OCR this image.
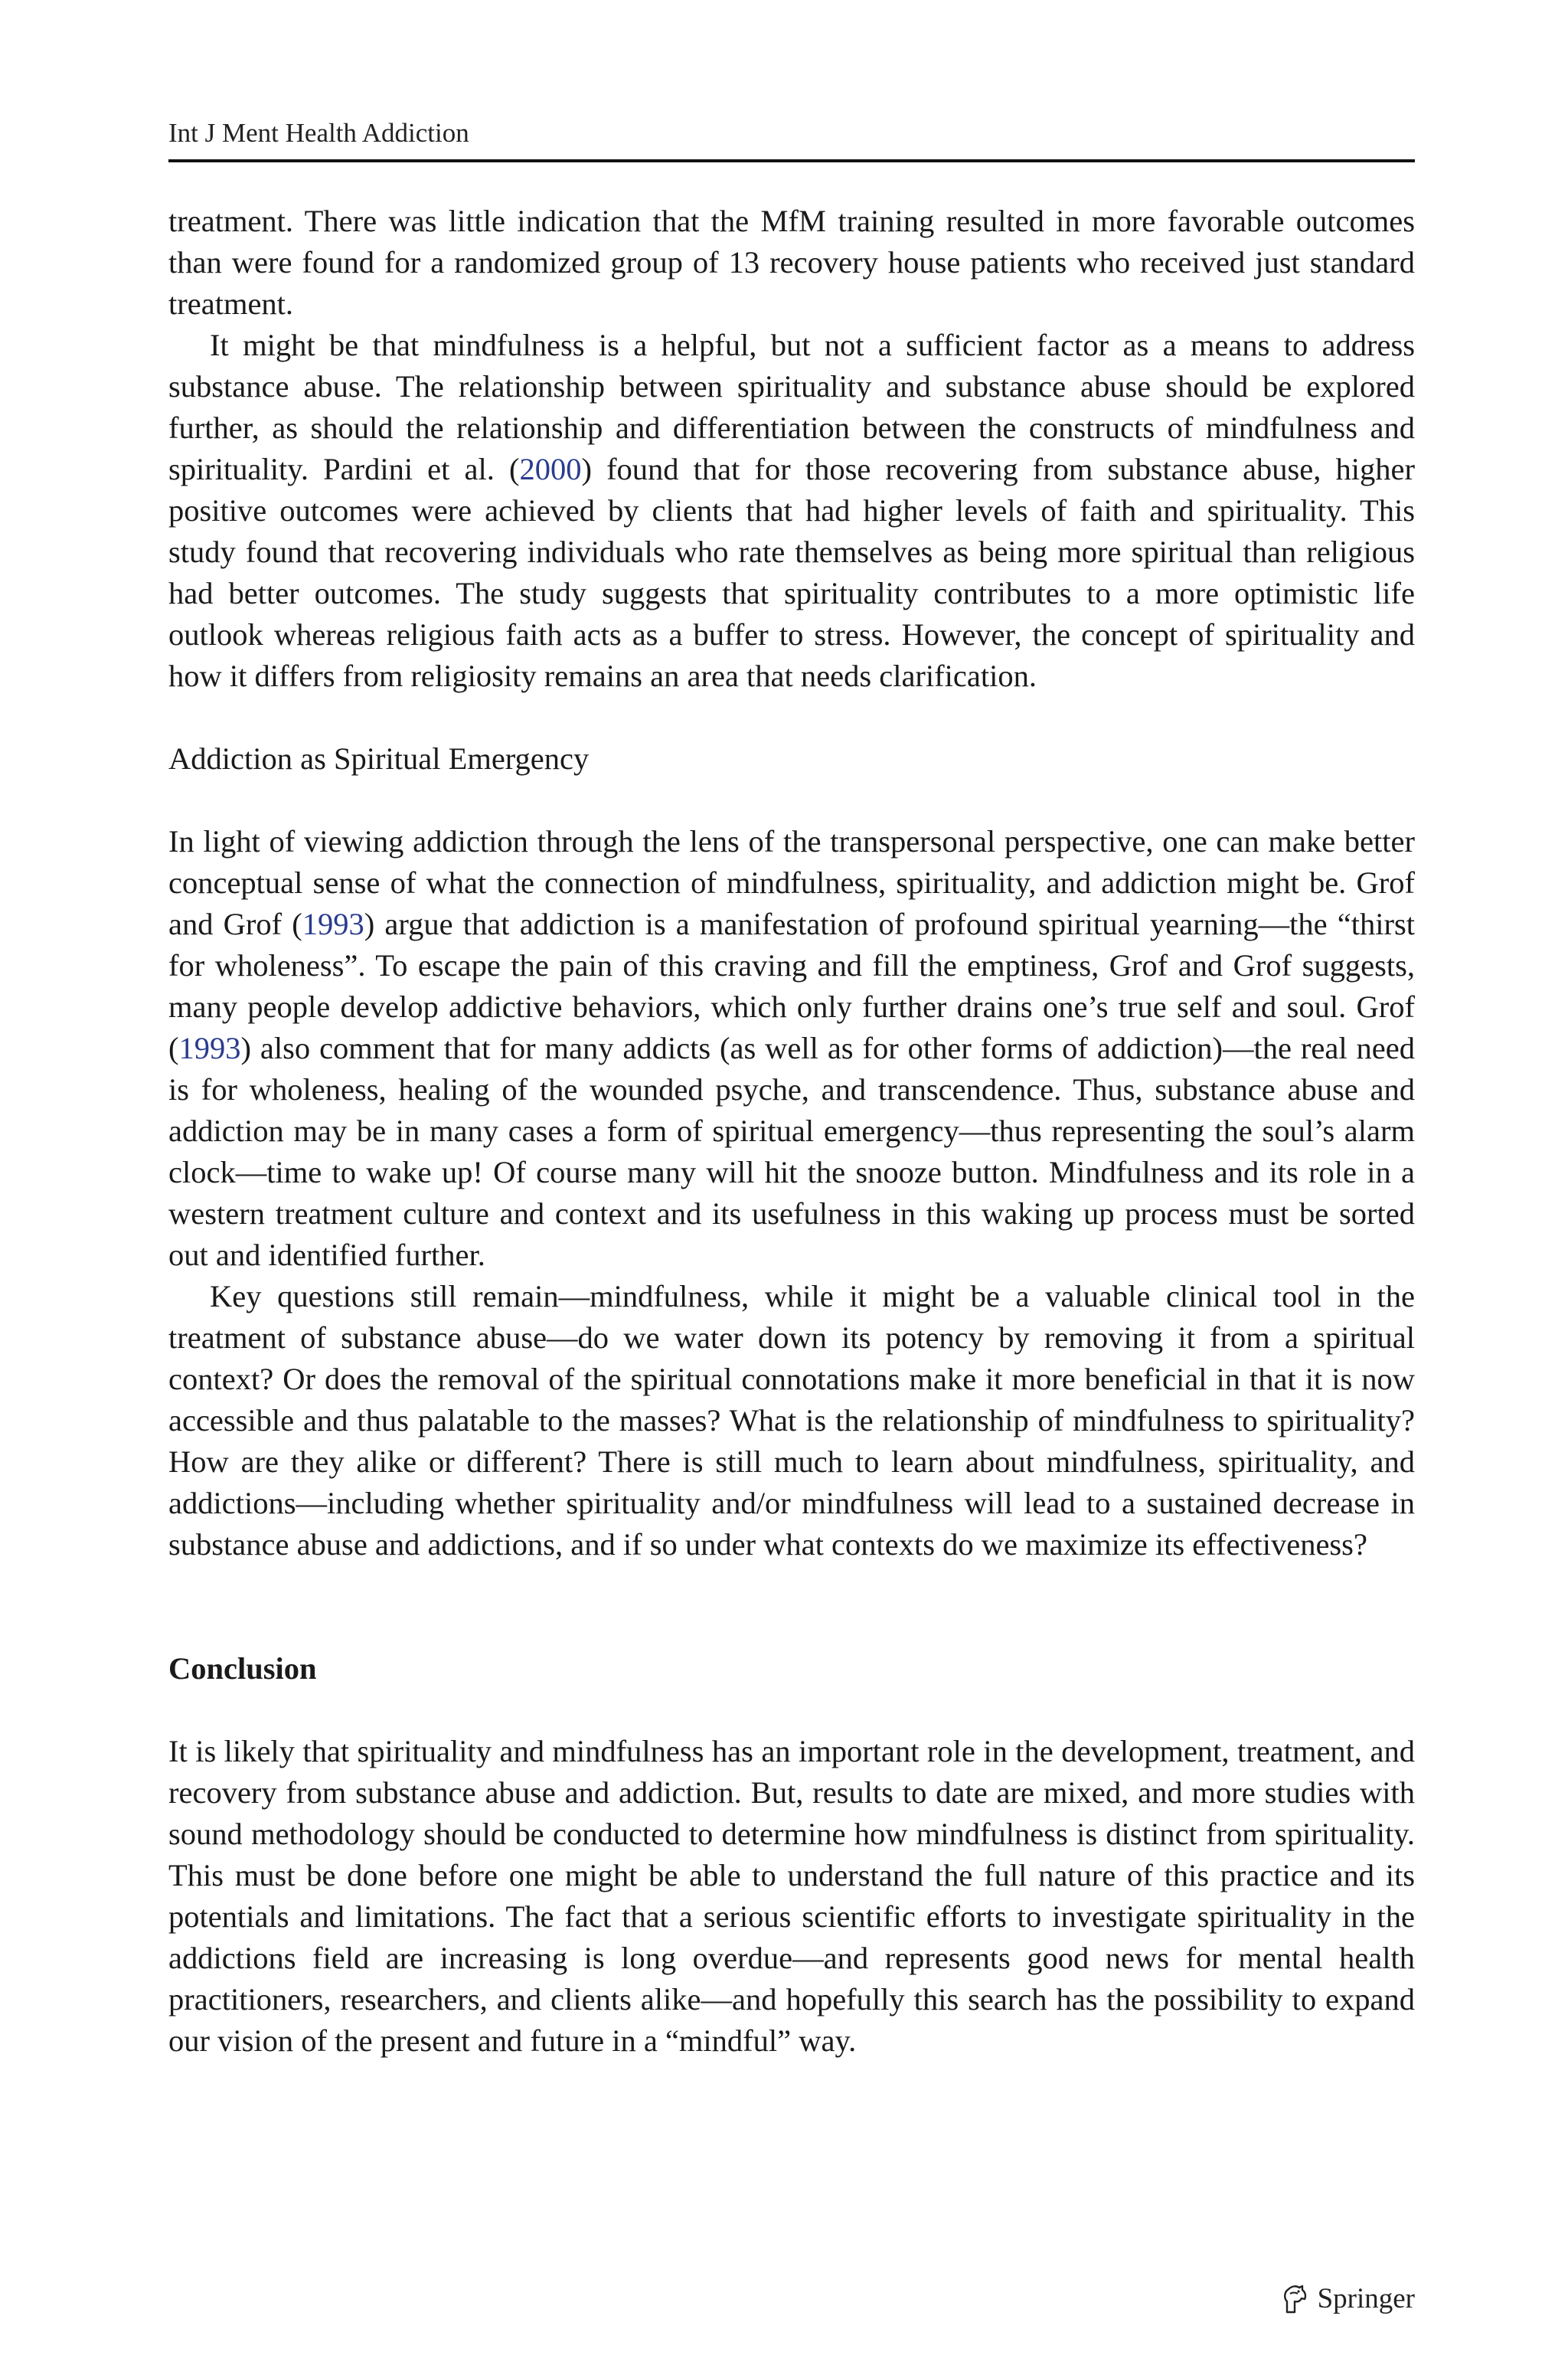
Int J Ment Health Addiction

treatment. There was little indication that the MfM training resulted in more favorable outcomes than were found for a randomized group of 13 recovery house patients who received just standard treatment.

It might be that mindfulness is a helpful, but not a sufficient factor as a means to address substance abuse. The relationship between spirituality and substance abuse should be explored further, as should the relationship and differentiation between the constructs of mindfulness and spirituality. Pardini et al. (2000) found that for those recovering from substance abuse, higher positive outcomes were achieved by clients that had higher levels of faith and spirituality. This study found that recovering individuals who rate themselves as being more spiritual than religious had better outcomes. The study suggests that spirituality contributes to a more optimistic life outlook whereas religious faith acts as a buffer to stress. However, the concept of spirituality and how it differs from religiosity remains an area that needs clarification.

Addiction as Spiritual Emergency

In light of viewing addiction through the lens of the transpersonal perspective, one can make better conceptual sense of what the connection of mindfulness, spirituality, and addiction might be. Grof and Grof (1993) argue that addiction is a manifestation of profound spiritual yearning—the “thirst for wholeness”. To escape the pain of this craving and fill the emptiness, Grof and Grof suggests, many people develop addictive behaviors, which only further drains one’s true self and soul. Grof (1993) also comment that for many addicts (as well as for other forms of addiction)—the real need is for wholeness, healing of the wounded psyche, and transcendence. Thus, substance abuse and addiction may be in many cases a form of spiritual emergency—thus representing the soul’s alarm clock—time to wake up! Of course many will hit the snooze button. Mindfulness and its role in a western treatment culture and context and its usefulness in this waking up process must be sorted out and identified further.

Key questions still remain—mindfulness, while it might be a valuable clinical tool in the treatment of substance abuse—do we water down its potency by removing it from a spiritual context? Or does the removal of the spiritual connotations make it more beneficial in that it is now accessible and thus palatable to the masses? What is the relationship of mindfulness to spirituality? How are they alike or different? There is still much to learn about mindfulness, spirituality, and addictions—including whether spirituality and/or mindfulness will lead to a sustained decrease in substance abuse and addictions, and if so under what contexts do we maximize its effectiveness?

Conclusion

It is likely that spirituality and mindfulness has an important role in the development, treatment, and recovery from substance abuse and addiction. But, results to date are mixed, and more studies with sound methodology should be conducted to determine how mindfulness is distinct from spirituality. This must be done before one might be able to understand the full nature of this practice and its potentials and limitations. The fact that a serious scientific efforts to investigate spirituality in the addictions field are increasing is long overdue—and represents good news for mental health practitioners, researchers, and clients alike—and hopefully this search has the possibility to expand our vision of the present and future in a “mindful” way.

Springer
